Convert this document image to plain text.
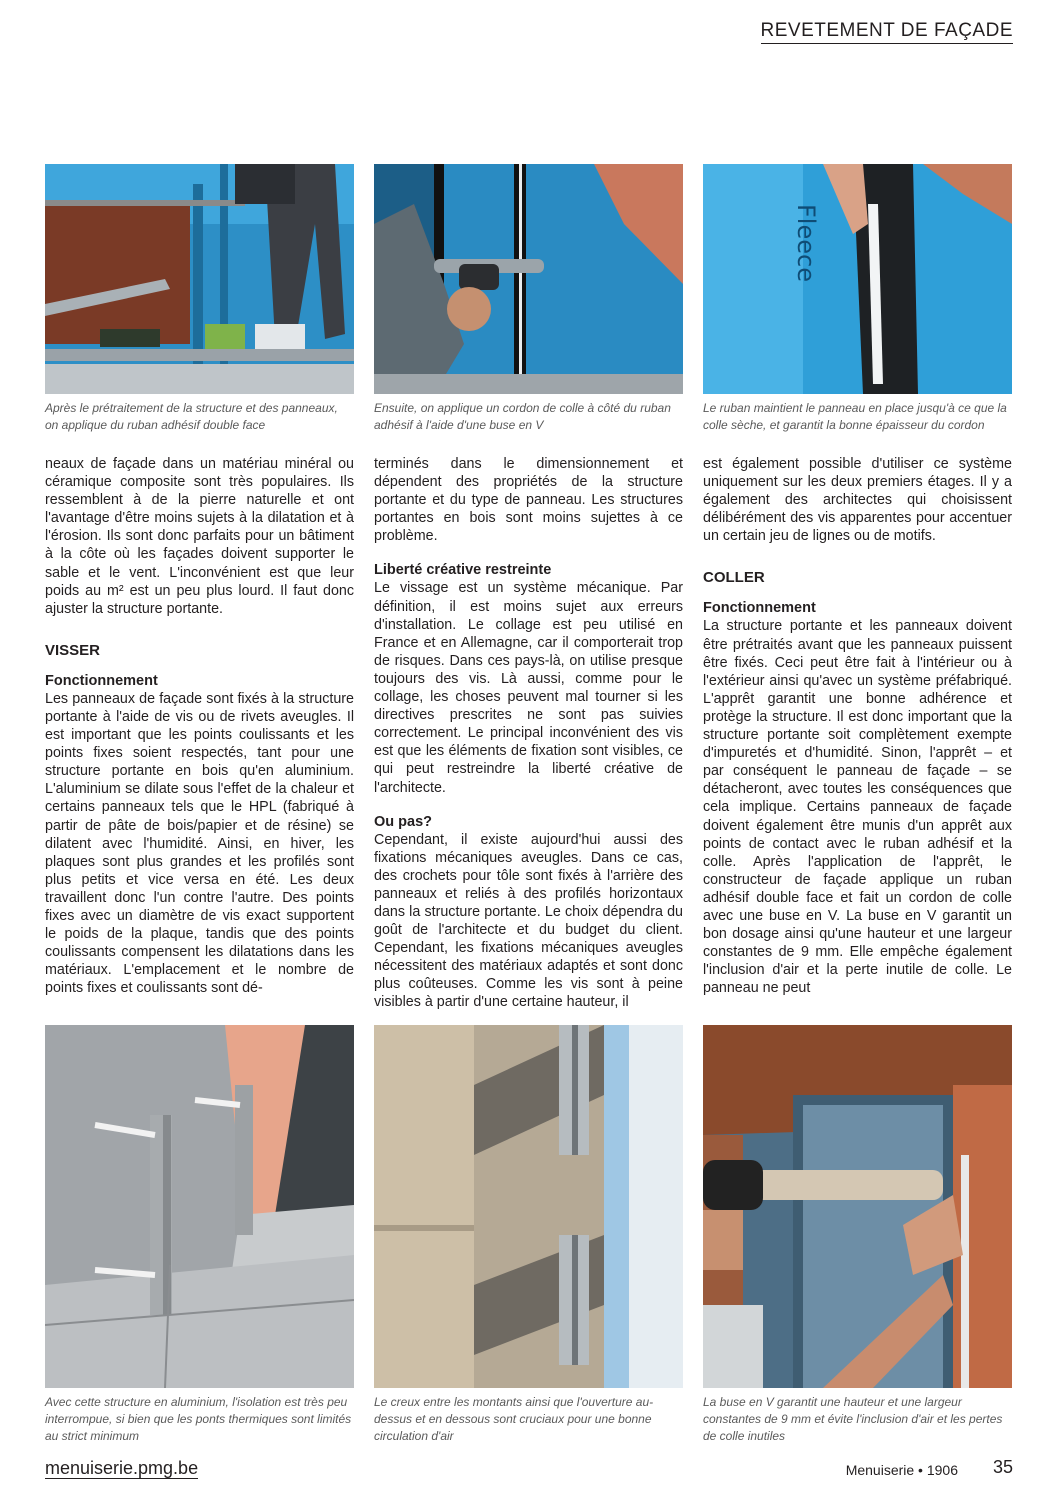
REVETEMENT DE FAÇADE
Après le prétraitement de la structure et des panneaux, on applique du ruban adhésif double face
Ensuite, on applique un cordon de colle à côté du ruban adhésif à l'aide d'une buse en V
Fleece
Le ruban maintient le panneau en place jusqu'à ce que la colle sèche, et garantit la bonne épaisseur du cordon

neaux de façade dans un matériau minéral ou céramique composite sont très populaires. Ils ressemblent à de la pierre naturelle et ont l'avantage d'être moins sujets à la dilatation et à l'érosion. Ils sont donc parfaits pour un bâtiment à la côte où les façades doivent supporter le sable et le vent. L'inconvénient est que leur poids au m² est un peu plus lourd. Il faut donc ajuster la structure portante.

VISSER
Fonctionnement

Les panneaux de façade sont fixés à la structure portante à l'aide de vis ou de rivets aveugles. Il est important que les points coulissants et les points fixes soient respectés, tant pour une structure portante en bois qu'en aluminium. L'aluminium se dilate sous l'effet de la chaleur et certains panneaux tels que le HPL (fabriqué à partir de pâte de bois/papier et de résine) se dilatent avec l'humidité. Ainsi, en hiver, les plaques sont plus grandes et les profilés sont plus petits et vice versa en été. Les deux travaillent donc l'un contre l'autre. Des points fixes avec un diamètre de vis exact supportent le poids de la plaque, tandis que des points coulissants compensent les dilatations dans les matériaux. L'emplacement et le nombre de points fixes et coulissants sont dé-

terminés dans le dimensionnement et dépendent des propriétés de la structure portante et du type de panneau. Les structures portantes en bois sont moins sujettes à ce problème.

Liberté créative restreinte

Le vissage est un système mécanique. Par définition, il est moins sujet aux erreurs d'installation. Le collage est peu utilisé en France et en Allemagne, car il comporterait trop de risques. Dans ces pays-là, on utilise presque toujours des vis. Là aussi, comme pour le collage, les choses peuvent mal tourner si les directives prescrites ne sont pas suivies correctement. Le principal inconvénient des vis est que les éléments de fixation sont visibles, ce qui peut restreindre la liberté créative de l'architecte.

Ou pas?

Cependant, il existe aujourd'hui aussi des fixations mécaniques aveugles. Dans ce cas, des crochets pour tôle sont fixés à l'arrière des panneaux et reliés à des profilés horizontaux dans la structure portante. Le choix dépendra du goût de l'architecte et du budget du client. Cependant, les fixations mécaniques aveugles nécessitent des matériaux adaptés et sont donc plus coûteuses. Comme les vis sont à peine visibles à partir d'une certaine hauteur, il

est également possible d'utiliser ce système uniquement sur les deux premiers étages. Il y a également des architectes qui choisissent délibérément des vis apparentes pour accentuer un certain jeu de lignes ou de motifs.

COLLER
Fonctionnement

La structure portante et les panneaux doivent être prétraités avant que les panneaux puissent être fixés. Ceci peut être fait à l'intérieur ou à l'extérieur ainsi qu'avec un système préfabriqué. L'apprêt garantit une bonne adhérence et protège la structure. Il est donc important que la structure portante soit complètement exempte d'impuretés et d'humidité. Sinon, l'apprêt – et par conséquent le panneau de façade – se détacheront, avec toutes les conséquences que cela implique. Certains panneaux de façade doivent également être munis d'un apprêt aux points de contact avec le ruban adhésif et la colle. Après l'application de l'apprêt, le constructeur de façade applique un ruban adhésif double face et fait un cordon de colle avec une buse en V. La buse en V garantit un bon dosage ainsi qu'une hauteur et une largeur constantes de 9 mm. Elle empêche également l'inclusion d'air et la perte inutile de colle. Le panneau ne peut

Avec cette structure en aluminium, l'isolation est très peu interrompue, si bien que les ponts thermiques sont limités au strict minimum
Le creux entre les montants ainsi que l'ouverture au-dessus et en dessous sont cruciaux pour une bonne circulation d'air
La buse en V garantit une hauteur et une largeur constantes de 9 mm et évite l'inclusion d'air et les pertes de colle inutiles
menuiserie.pmg.be	Menuiserie • 1906 35
